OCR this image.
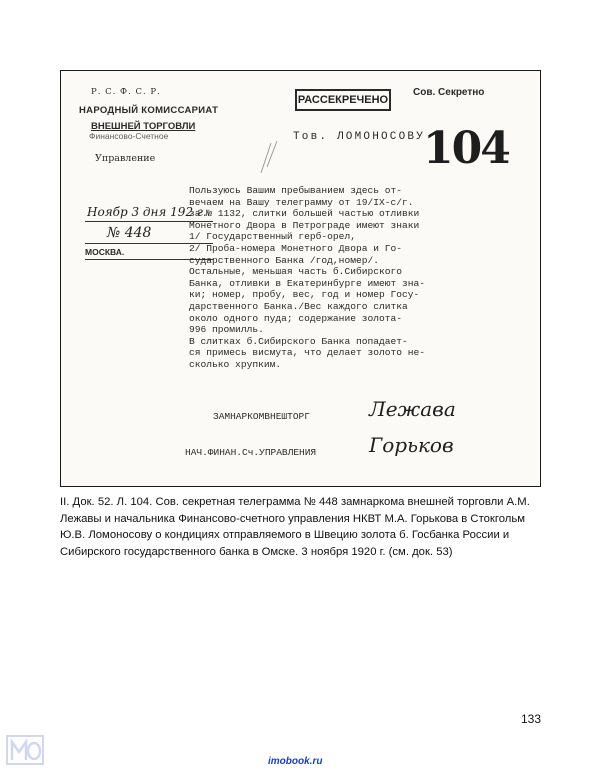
Р. С. Ф. С. Р.
НАРОДНЫЙ КОМИССАРИАТ
ВНЕШНЕЙ ТОРГОВЛИ
Финансово-Счетное
Управление
РАССЕКРЕЧЕНО
Сов. Секретно
Тов. ЛОМОНОСОВУ
104
Ноябр 3 дня 192 г.
№ 448
МОСКВА.
Пользуюсь Вашим пребыванием здесь от-
вечаем на Вашу телеграмму от 19/IX-с/г.
за № 1132, слитки большей частью отливки
Монетного Двора в Петрограде имеют знаки
1/ Государственный герб-орел,
2/ Проба-номера Монетного Двора и Го-
сударственного Банка /год,номер/.
Остальные, меньшая часть б.Сибирского
Банка, отливки в Екатеринбурге имеют зна-
ки; номер, пробу, вес, год и номер Госу-
дарственного Банка./Вес каждого слитка
около одного пуда; содержание золота-
996 промилль.
В слитках б.Сибирского Банка попадает-
ся примесь висмута, что делает золото не-
сколько хрупким.
ЗАМНАРКОМВНЕШТОРГ	Лежава
НАЧ.ФИНАН.Сч.УПРАВЛЕНИЯ	Горьков
II. Док. 52. Л. 104. Сов. секретная телеграмма № 448 замнаркома внешней торговли А.М. Лежавы и начальника Финансово-счетного управления НКВТ М.А. Горькова в Стокгольм Ю.В. Ломоносову о кондициях отправляемого в Швецию золота б. Госбанка России и Сибирского государственного банка в Омске. 3 ноября 1920 г. (см. док. 53)
133
imobook.ru
